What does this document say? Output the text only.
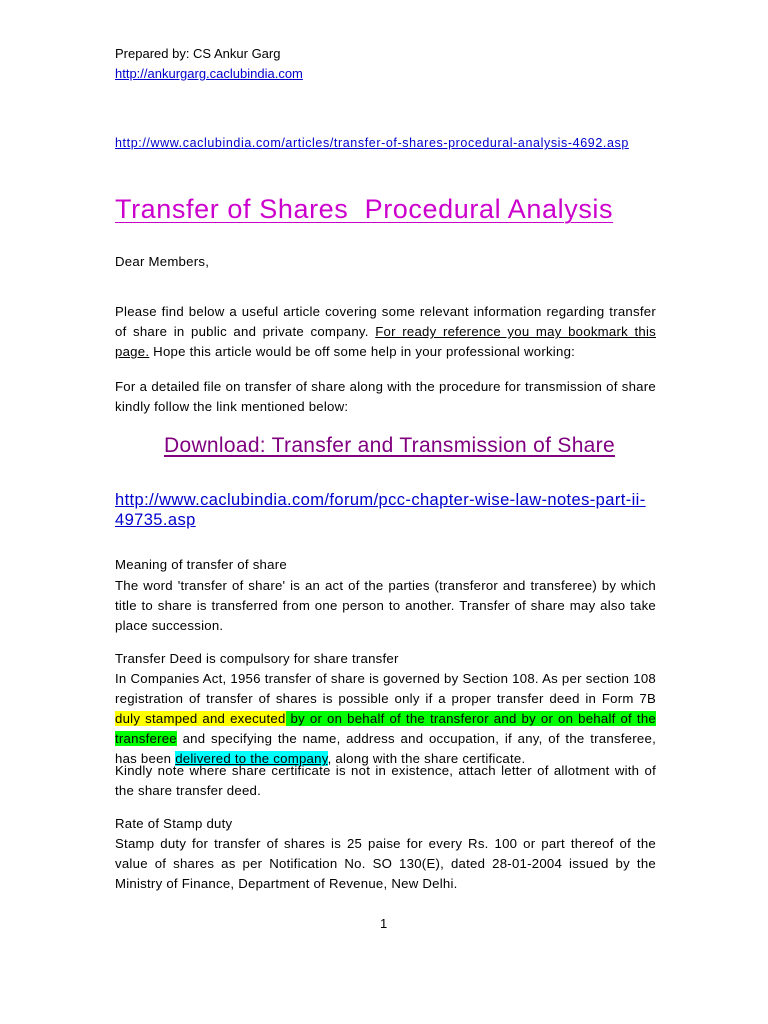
Prepared by: CS Ankur Garg
http://ankurgarg.caclubindia.com
http://www.caclubindia.com/articles/transfer-of-shares-procedural-analysis-4692.asp
Transfer of Shares  Procedural Analysis
Dear Members,
Please find below a useful article covering some relevant information regarding transfer of share in public and private company. For ready reference you may bookmark this page. Hope this article would be off some help in your professional working:
For a detailed file on transfer of share along with the procedure for transmission of share kindly follow the link mentioned below:
Download: Transfer and Transmission of Share
http://www.caclubindia.com/forum/pcc-chapter-wise-law-notes-part-ii-
49735.asp
Meaning of transfer of share
The word 'transfer of share' is an act of the parties (transferor and transferee) by which title to share is transferred from one person to another. Transfer of share may also take place succession.
Transfer Deed is compulsory for share transfer
In Companies Act, 1956 transfer of share is governed by Section 108. As per section 108 registration of transfer of shares is possible only if a proper transfer deed in Form 7B duly stamped and executed by or on behalf of the transferor and by or on behalf of the transferee and specifying the name, address and occupation, if any, of the transferee, has been delivered to the company, along with the share certificate.
Kindly note where share certificate is not in existence, attach letter of allotment with of the share transfer deed.
Rate of Stamp duty
Stamp duty for transfer of shares is 25 paise for every Rs. 100 or part thereof of the value of shares as per Notification No. SO 130(E), dated 28-01-2004 issued by the Ministry of Finance, Department of Revenue, New Delhi.
1
